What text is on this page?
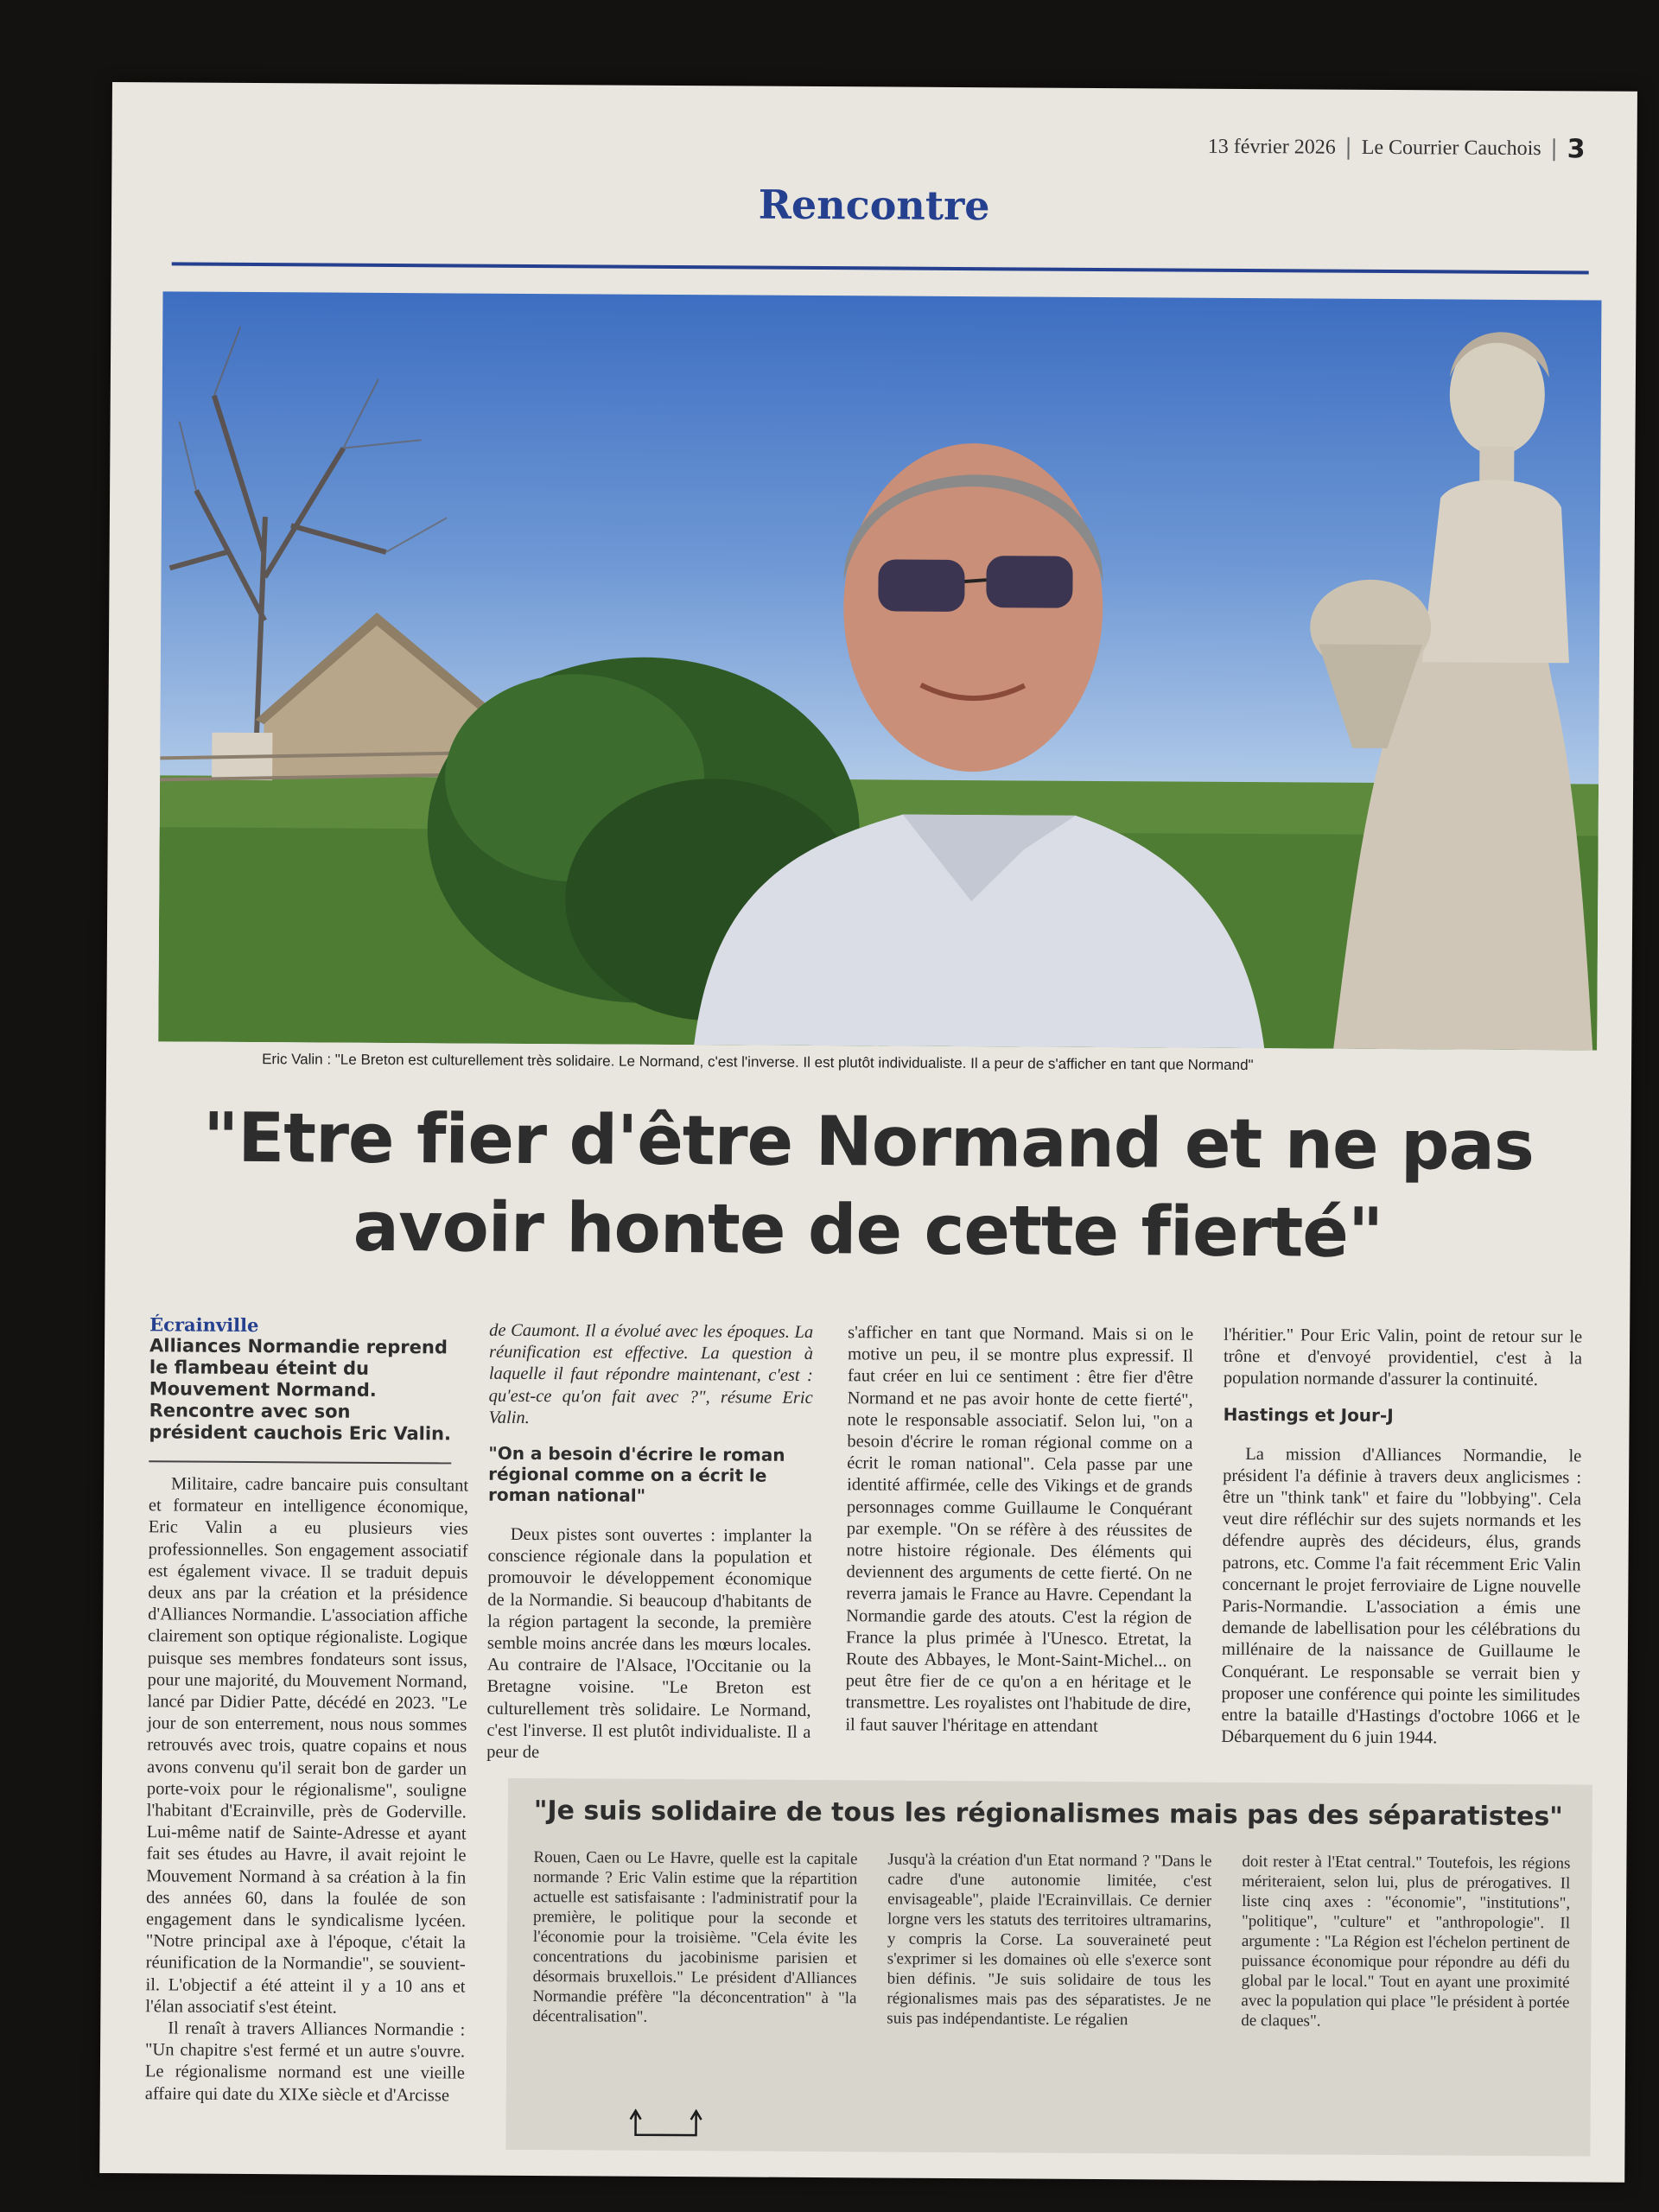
13 février 2026 Le Courrier Cauchois 3
Rencontre
Eric Valin : "Le Breton est culturellement très solidaire. Le Normand, c'est l'inverse. Il est plutôt individualiste. Il a peur de s'afficher en tant que Normand"
"Etre fier d'être Normand et ne pas avoir honte de cette fierté"
Écrainville
Alliances Normandie reprend le flambeau éteint du Mouvement Normand. Rencontre avec son président cauchois Eric Valin.

Militaire, cadre bancaire puis consultant et formateur en intelligence économique, Eric Valin a eu plusieurs vies professionnelles. Son engagement associatif est également vivace. Il se traduit depuis deux ans par la création et la présidence d'Alliances Normandie. L'association affiche clairement son optique régionaliste. Logique puisque ses membres fondateurs sont issus, pour une majorité, du Mouvement Normand, lancé par Didier Patte, décédé en 2023. "Le jour de son enterrement, nous nous sommes retrouvés avec trois, quatre copains et nous avons convenu qu'il serait bon de garder un porte-voix pour le régionalisme", souligne l'habitant d'Ecrainville, près de Goderville. Lui-même natif de Sainte-Adresse et ayant fait ses études au Havre, il avait rejoint le Mouvement Normand à sa création à la fin des années 60, dans la foulée de son engagement dans le syndicalisme lycéen. "Notre principal axe à l'époque, c'était la réunification de la Normandie", se souvient-il. L'objectif a été atteint il y a 10 ans et l'élan associatif s'est éteint.

Il renaît à travers Alliances Normandie : "Un chapitre s'est fermé et un autre s'ouvre. Le régionalisme normand est une vieille affaire qui date du XIXe siècle et d'Arcisse

de Caumont. Il a évolué avec les époques. La réunification est effective. La question à laquelle il faut répondre maintenant, c'est : qu'est-ce qu'on fait avec ?", résume Eric Valin.

"On a besoin d'écrire le roman régional comme on a écrit le roman national"

Deux pistes sont ouvertes : implanter la conscience régionale dans la population et promouvoir le développement économique de la Normandie. Si beaucoup d'habitants de la région partagent la seconde, la première semble moins ancrée dans les mœurs locales. Au contraire de l'Alsace, l'Occitanie ou la Bretagne voisine. "Le Breton est culturellement très solidaire. Le Normand, c'est l'inverse. Il est plutôt individualiste. Il a peur de

s'afficher en tant que Normand. Mais si on le motive un peu, il se montre plus expressif. Il faut créer en lui ce sentiment : être fier d'être Normand et ne pas avoir honte de cette fierté", note le responsable associatif. Selon lui, "on a besoin d'écrire le roman régional comme on a écrit le roman national". Cela passe par une identité affirmée, celle des Vikings et de grands personnages comme Guillaume le Conquérant par exemple. "On se réfère à des réussites de notre histoire régionale. Des éléments qui deviennent des arguments de cette fierté. On ne reverra jamais le France au Havre. Cependant la Normandie garde des atouts. C'est la région de France la plus primée à l'Unesco. Etretat, la Route des Abbayes, le Mont-Saint-Michel... on peut être fier de ce qu'on a en héritage et le transmettre. Les royalistes ont l'habitude de dire, il faut sauver l'héritage en attendant

l'héritier." Pour Eric Valin, point de retour sur le trône et d'envoyé providentiel, c'est à la population normande d'assurer la continuité.

Hastings et Jour-J

La mission d'Alliances Normandie, le président l'a définie à travers deux anglicismes : être un "think tank" et faire du "lobbying". Cela veut dire réfléchir sur des sujets normands et les défendre auprès des décideurs, élus, grands patrons, etc. Comme l'a fait récemment Eric Valin concernant le projet ferroviaire de Ligne nouvelle Paris-Normandie. L'association a émis une demande de labellisation pour les célébrations du millénaire de la naissance de Guillaume le Conquérant. Le responsable se verrait bien y proposer une conférence qui pointe les similitudes entre la bataille d'Hastings d'octobre 1066 et le Débarquement du 6 juin 1944.

"Je suis solidaire de tous les régionalismes mais pas des séparatistes"

Rouen, Caen ou Le Havre, quelle est la capitale normande ? Eric Valin estime que la répartition actuelle est satisfaisante : l'administratif pour la première, le politique pour la seconde et l'économie pour la troisième. "Cela évite les concentrations du jacobinisme parisien et désormais bruxellois." Le président d'Alliances Normandie préfère "la déconcentration" à "la décentralisation".

Jusqu'à la création d'un Etat normand ? "Dans le cadre d'une autonomie limitée, c'est envisageable", plaide l'Ecrainvillais. Ce dernier lorgne vers les statuts des territoires ultramarins, y compris la Corse. La souveraineté peut s'exprimer si les domaines où elle s'exerce sont bien définis. "Je suis solidaire de tous les régionalismes mais pas des séparatistes. Je ne suis pas indépendantiste. Le régalien

doit rester à l'Etat central." Toutefois, les régions mériteraient, selon lui, plus de prérogatives. Il liste cinq axes : "économie", "institutions", "politique", "culture" et "anthropologie". Il argumente : "La Région est l'échelon pertinent de puissance économique pour répondre au défi du global par le local." Tout en ayant une proximité avec la population qui place "le président à portée de claques".
